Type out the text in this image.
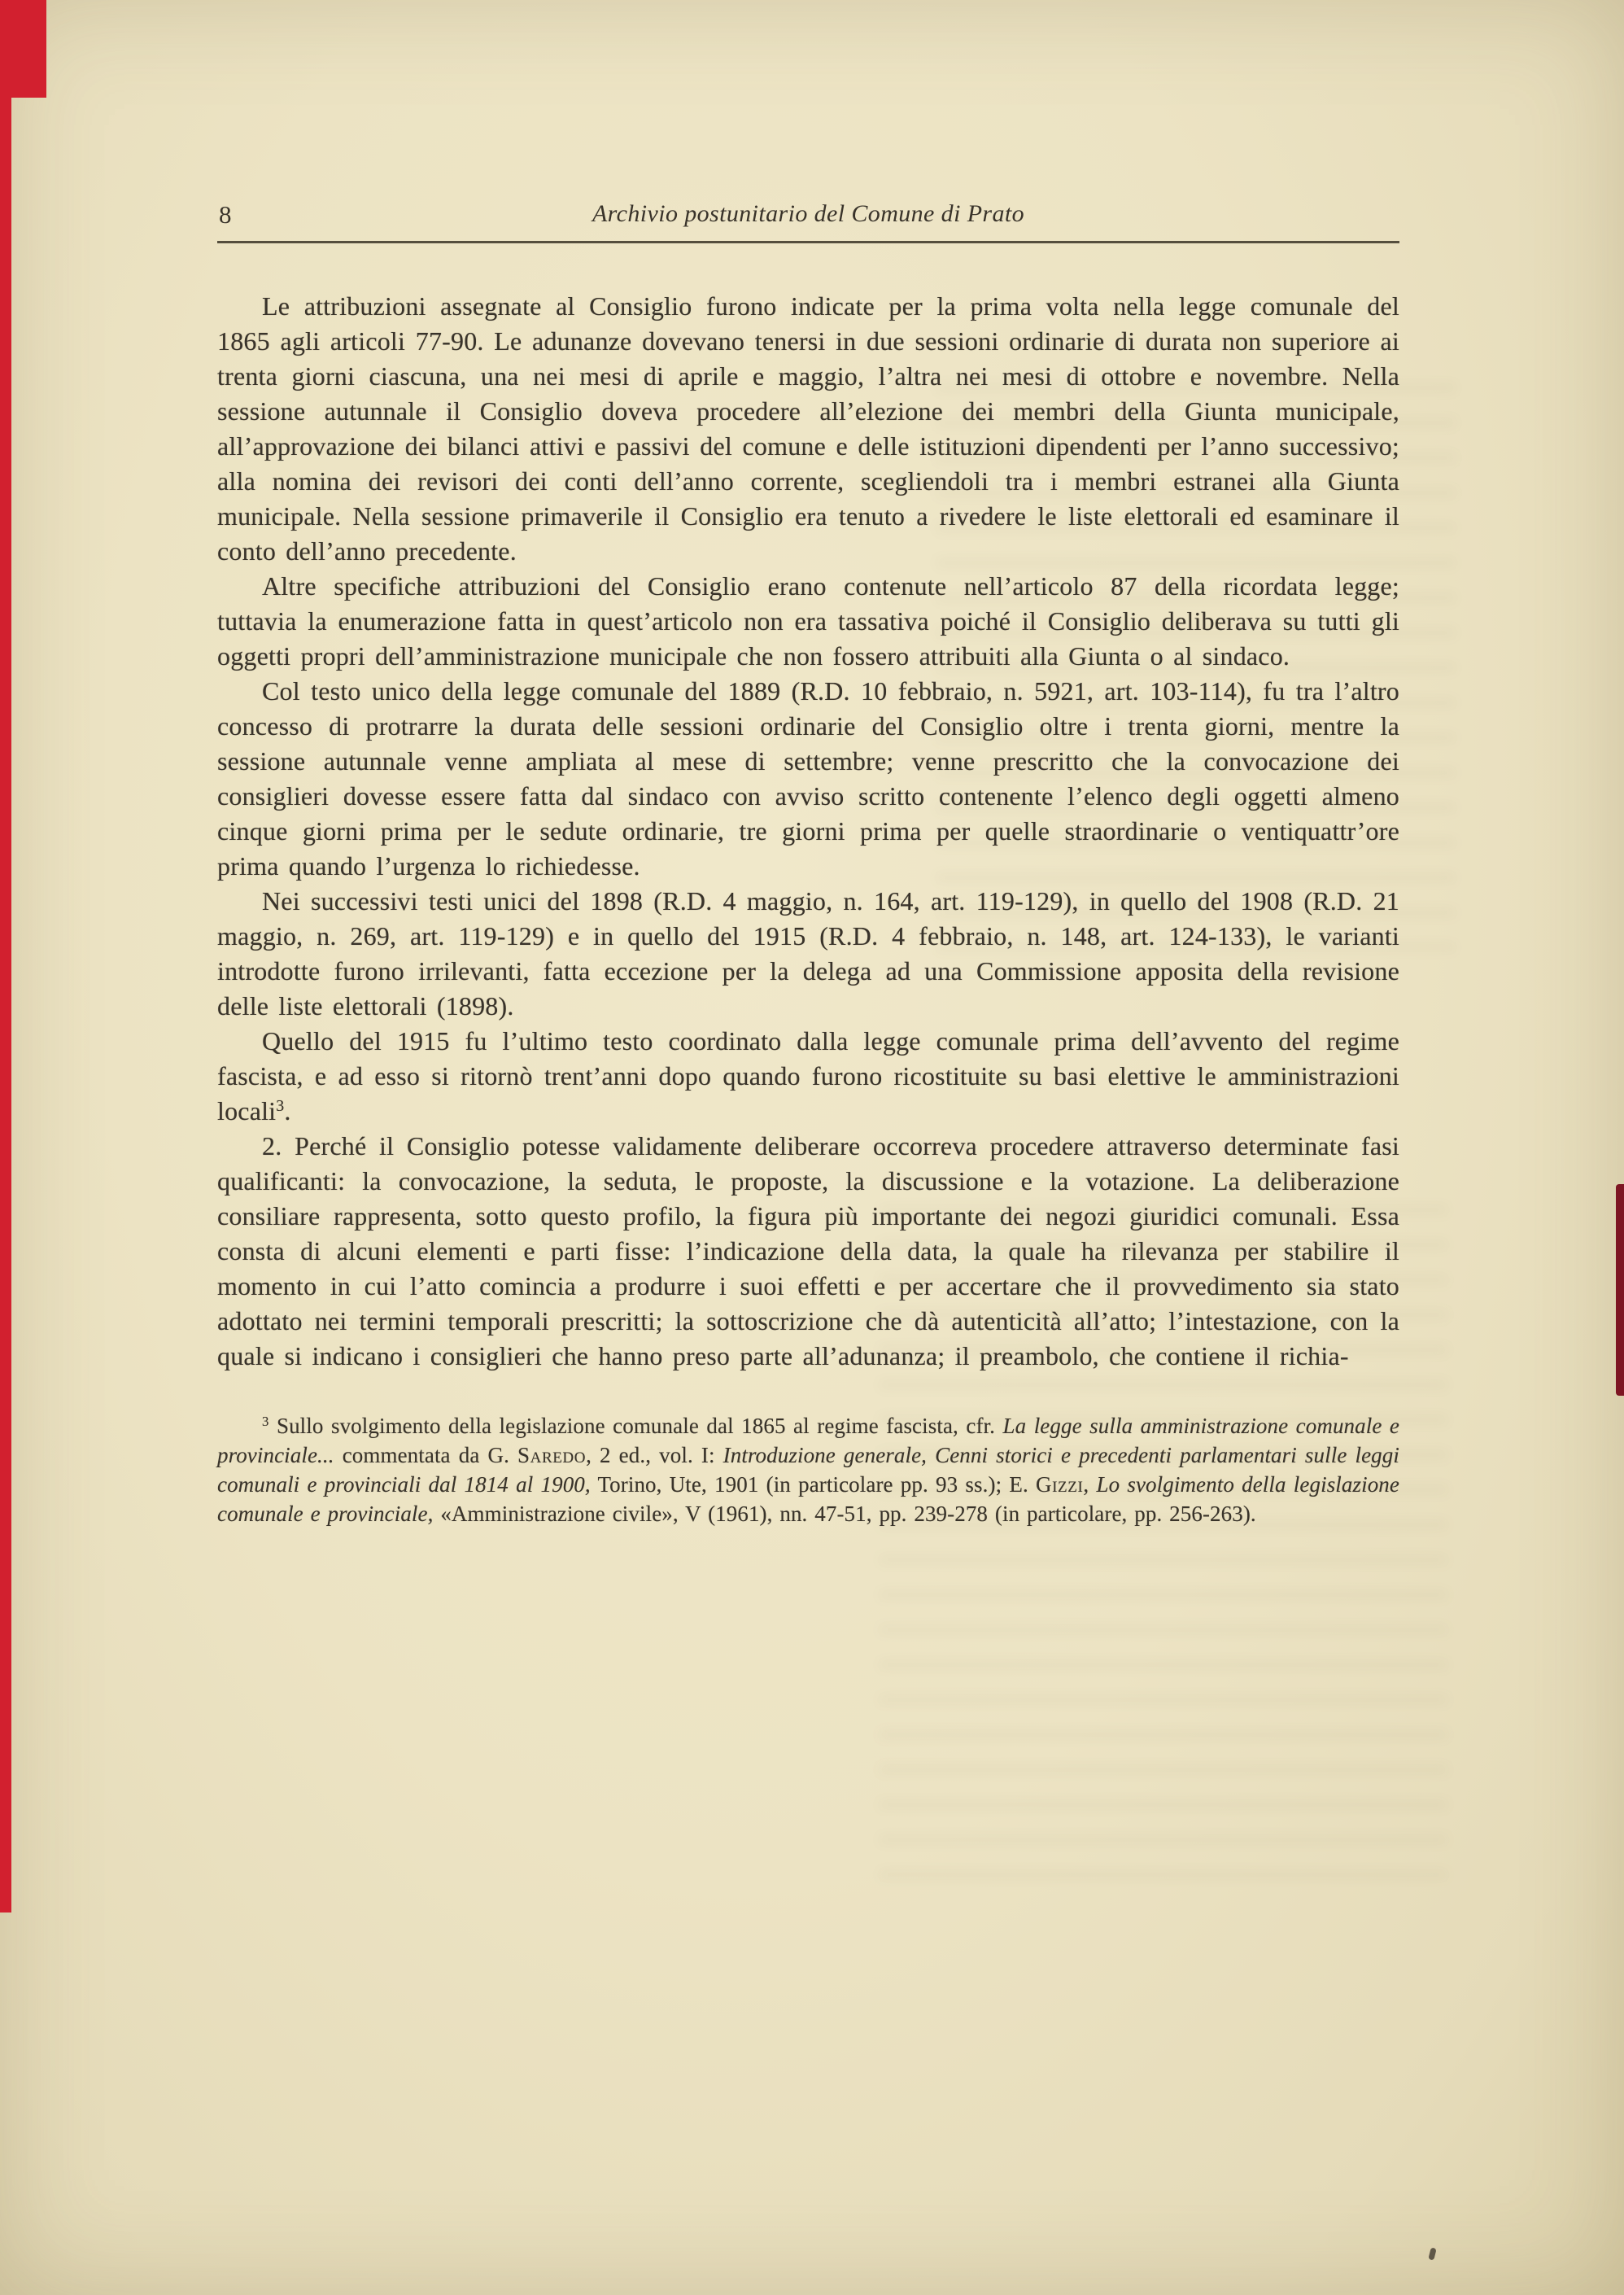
8	Archivio postunitario del Comune di Prato

Le attribuzioni assegnate al Consiglio furono indicate per la prima volta nella legge comunale del 1865 agli articoli 77-90. Le adunanze dovevano tenersi in due sessioni ordinarie di durata non superiore ai trenta giorni ciascuna, una nei mesi di aprile e maggio, l’altra nei mesi di ottobre e novembre. Nella sessione autunnale il Consiglio doveva procedere all’elezione dei membri della Giunta municipale, all’approvazione dei bilanci attivi e passivi del comune e delle istituzioni dipendenti per l’anno successivo; alla nomina dei revisori dei conti dell’anno corrente, scegliendoli tra i membri estranei alla Giunta municipale. Nella sessione primaverile il Consiglio era tenuto a rivedere le liste elettorali ed esaminare il conto dell’anno precedente.

Altre specifiche attribuzioni del Consiglio erano contenute nell’articolo 87 della ricordata legge; tuttavia la enumerazione fatta in quest’articolo non era tassativa poiché il Consiglio deliberava su tutti gli oggetti propri dell’amministrazione municipale che non fossero attribuiti alla Giunta o al sindaco.

Col testo unico della legge comunale del 1889 (R.D. 10 febbraio, n. 5921, art. 103-114), fu tra l’altro concesso di protrarre la durata delle sessioni ordinarie del Consiglio oltre i trenta giorni, mentre la sessione autunnale venne ampliata al mese di settembre; venne prescritto che la convocazione dei consiglieri dovesse essere fatta dal sindaco con avviso scritto contenente l’elenco degli oggetti almeno cinque giorni prima per le sedute ordinarie, tre giorni prima per quelle straordinarie o ventiquattr’ore prima quando l’urgenza lo richiedesse.

Nei successivi testi unici del 1898 (R.D. 4 maggio, n. 164, art. 119-129), in quello del 1908 (R.D. 21 maggio, n. 269, art. 119-129) e in quello del 1915 (R.D. 4 febbraio, n. 148, art. 124-133), le varianti introdotte furono irrilevanti, fatta eccezione per la delega ad una Commissione apposita della revisione delle liste elettorali (1898).

Quello del 1915 fu l’ultimo testo coordinato dalla legge comunale prima dell’avvento del regime fascista, e ad esso si ritornò trent’anni dopo quando furono ricostituite su basi elettive le amministrazioni locali$^3$.

2. Perché il Consiglio potesse validamente deliberare occorreva procedere attraverso determinate fasi qualificanti: la convocazione, la seduta, le proposte, la discussione e la votazione. La deliberazione consiliare rappresenta, sotto questo profilo, la figura più importante dei negozi giuridici comunali. Essa consta di alcuni elementi e parti fisse: l’indicazione della data, la quale ha rilevanza per stabilire il momento in cui l’atto comincia a produrre i suoi effetti e per accertare che il provvedimento sia stato adottato nei termini temporali prescritti; la sottoscrizione che dà autenticità all’atto; l’intestazione, con la quale si indicano i consiglieri che hanno preso parte all’adunanza; il preambolo, che contiene il richia-

$^3$ Sullo svolgimento della legislazione comunale dal 1865 al regime fascista, cfr. La legge sulla amministrazione comunale e provinciale... commentata da G. Saredo, 2 ed., vol. I: Introduzione generale, Cenni storici e precedenti parlamentari sulle leggi comunali e provinciali dal 1814 al 1900, Torino, Ute, 1901 (in particolare pp. 93 ss.); E. Gizzi, Lo svolgimento della legislazione comunale e provinciale, «Amministrazione civile», V (1961), nn. 47-51, pp. 239-278 (in particolare, pp. 256-263).
